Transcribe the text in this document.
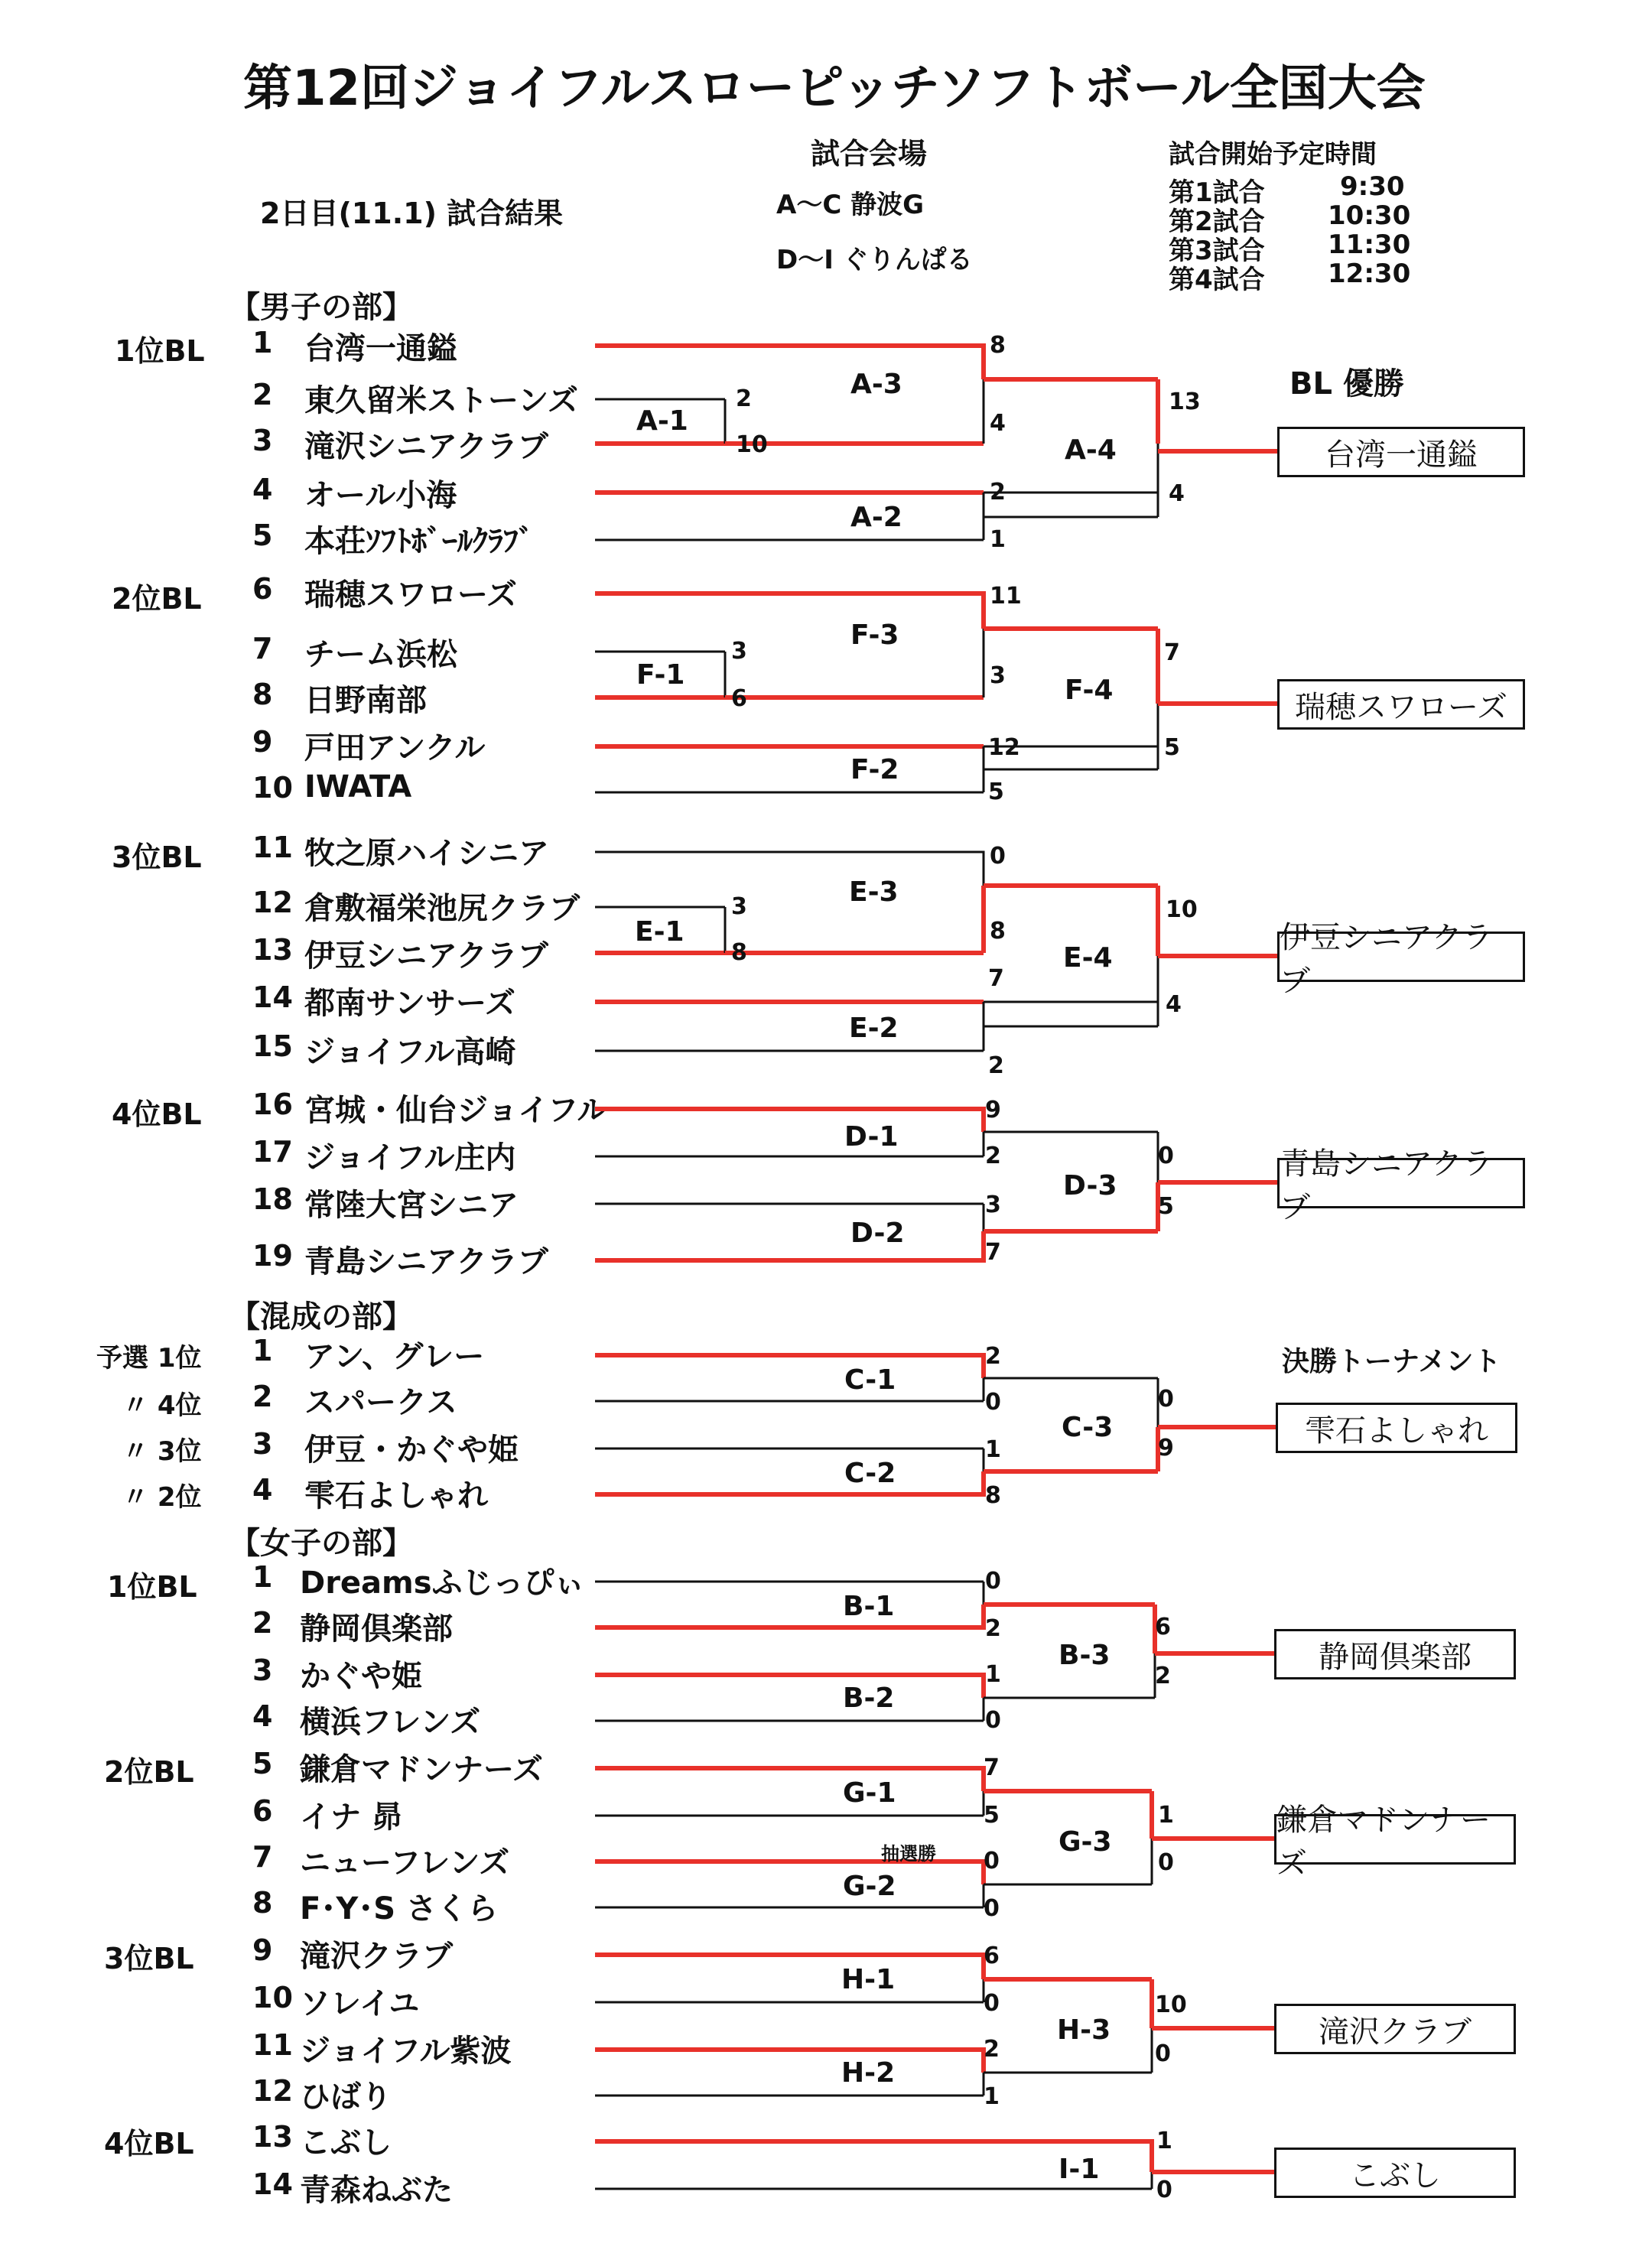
第12回ジョイフルスローピッチソフトボール全国大会
2日目(11.1) 試合結果
試合会場
A〜C 静波G
D〜I ぐりんぱる
試合開始予定時間
第1試合	9:30
第2試合 10:30
第3試合 11:30
第4試合 12:30
【男子の部】
【混成の部】
【女子の部】
1位BL
2位BL
3位BL
4位BL
予選 1位
〃 4位
〃 3位
〃 2位
1位BL
2位BL
3位BL
4位BL
1 台湾一通鎰
2 東久留米ストーンズ
3 滝沢シニアクラブ
4 オール小海
5 本荘ｿﾌﾄﾎﾞｰﾙｸﾗﾌﾞ
6 瑞穂スワローズ
7 チーム浜松
8 日野南部
9 戸田アンクル
10 IWATA
11 牧之原ハイシニア
12 倉敷福栄池尻クラブ
13 伊豆シニアクラブ
14 都南サンサーズ
15 ジョイフル高崎
16 宮城・仙台ジョイフル
17 ジョイフル庄内
18 常陸大宮シニア
19 青島シニアクラブ
1 アン、グレー
2 スパークス
3 伊豆・かぐや姫
4 雫石よしゃれ
1 Dreamsふじっぴぃ
2 静岡倶楽部
3 かぐや姫
4 横浜フレンズ
5 鎌倉マドンナーズ
6 イナ 昴
7 ニューフレンズ
8 F･Y･S さくら
9 滝沢クラブ
10 ソレイユ
11 ジョイフル紫波
12 ひばり
13 こぶし
14 青森ねぶた
A-1
2
10
A-2
2
1
A-3
8
4
A-4
13
4
F-1
3
6
F-2
12
5
F-3
11
3 F-4
7
5
E-1
3
8
E-2
7
2
E-3
0
8
E-4
10
4
D-1
9
2
D-2
3
7
D-3
0
5
C-1
2
0
C-2
1
8
C-3
0
9
B-1
0
2
B-2
1
0
B-3
6
2
G-1
7
5
G-2
0
0
G-3
1
0
H-1
6
0
H-2
2
1
H-3
10
0
I-1
1
0
BL 優勝
決勝トーナメント
抽選勝
台湾一通鎰
瑞穂スワローズ
伊豆シニアクラブ
青島シニアクラブ
雫石よしゃれ
静岡倶楽部
鎌倉マドンナーズ
滝沢クラブ
こぶし
